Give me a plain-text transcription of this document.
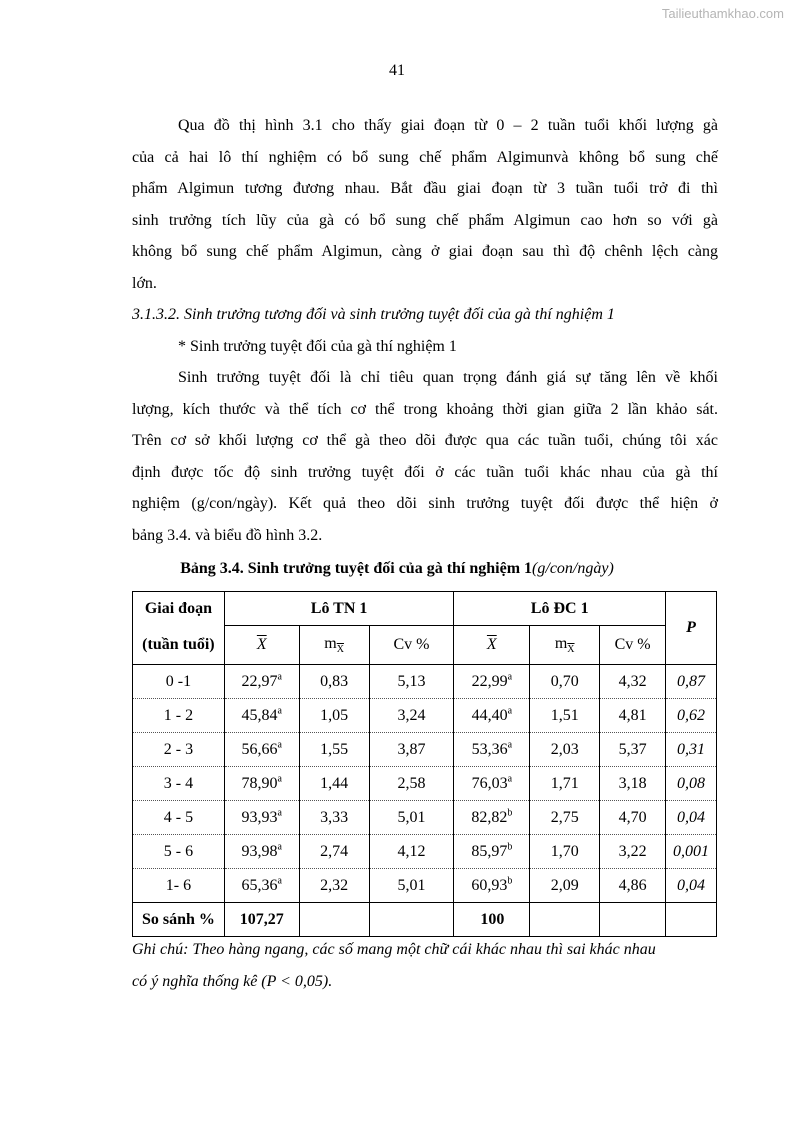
Tailieuthamkhao.com
41
Qua đồ thị hình 3.1 cho thấy giai đoạn từ 0 – 2 tuần tuổi khối lượng gà
của cả hai lô thí nghiệm có bổ sung chế phẩm Algimunvà không bổ sung chế
phẩm Algimun tương đương nhau. Bắt đầu giai đoạn từ 3 tuần tuổi trở đi thì
sinh trưởng tích lũy của gà có bổ sung chế phẩm Algimun cao hơn so với gà
không bổ sung chế phẩm Algimun, càng ở giai đoạn sau thì độ chênh lệch càng
lớn.
3.1.3.2. Sinh trưởng tương đối và sinh trưởng tuyệt đối của gà thí nghiệm 1
* Sinh trưởng tuyệt đối của gà thí nghiệm 1
Sinh trưởng tuyệt đối là chỉ tiêu quan trọng đánh giá sự tăng lên về khối
lượng, kích thước và thể tích cơ thể trong khoảng thời gian giữa 2 lần khảo sát.
Trên cơ sở khối lượng cơ thể gà theo dõi được qua các tuần tuổi, chúng tôi xác
định được tốc độ sinh trưởng tuyệt đối ở các tuần tuổi khác nhau của gà thí
nghiệm (g/con/ngày). Kết quả theo dõi sinh trưởng tuyệt đối được thể hiện ở
bảng 3.4. và biểu đồ hình 3.2.
Bảng 3.4. Sinh trưởng tuyệt đối của gà thí nghiệm 1(g/con/ngày)
Giai đoạn	Lô TN 1			Lô ĐC 1			P
(tuần tuổi)	$\overline{X}$	$m_{\overline{X}}$	Cv %	$\overline{X}$	$m_{\overline{X}}$	Cv %	
0 -1	22,97$^a$	0,83	5,13	22,99$^a$	0,70	4,32	0,87
1 - 2	45,84$^a$	1,05	3,24	44,40$^a$	1,51	4,81	0,62
2 - 3	56,66$^a$	1,55	3,87	53,36$^a$	2,03	5,37	0,31
3 - 4	78,90$^a$	1,44	2,58	76,03$^a$	1,71	3,18	0,08
4 - 5	93,93$^a$	3,33	5,01	82,82$^b$	2,75	4,70	0,04
5 - 6	93,98$^a$	2,74	4,12	85,97$^b$	1,70	3,22	0,001
1- 6	65,36$^a$	2,32	5,01	60,93$^b$	2,09	4,86	0,04
So sánh %	107,27			100			
Ghi chú: Theo hàng ngang, các số mang một chữ cái khác nhau thì sai khác nhau
có ý nghĩa thống kê (P < 0,05).
